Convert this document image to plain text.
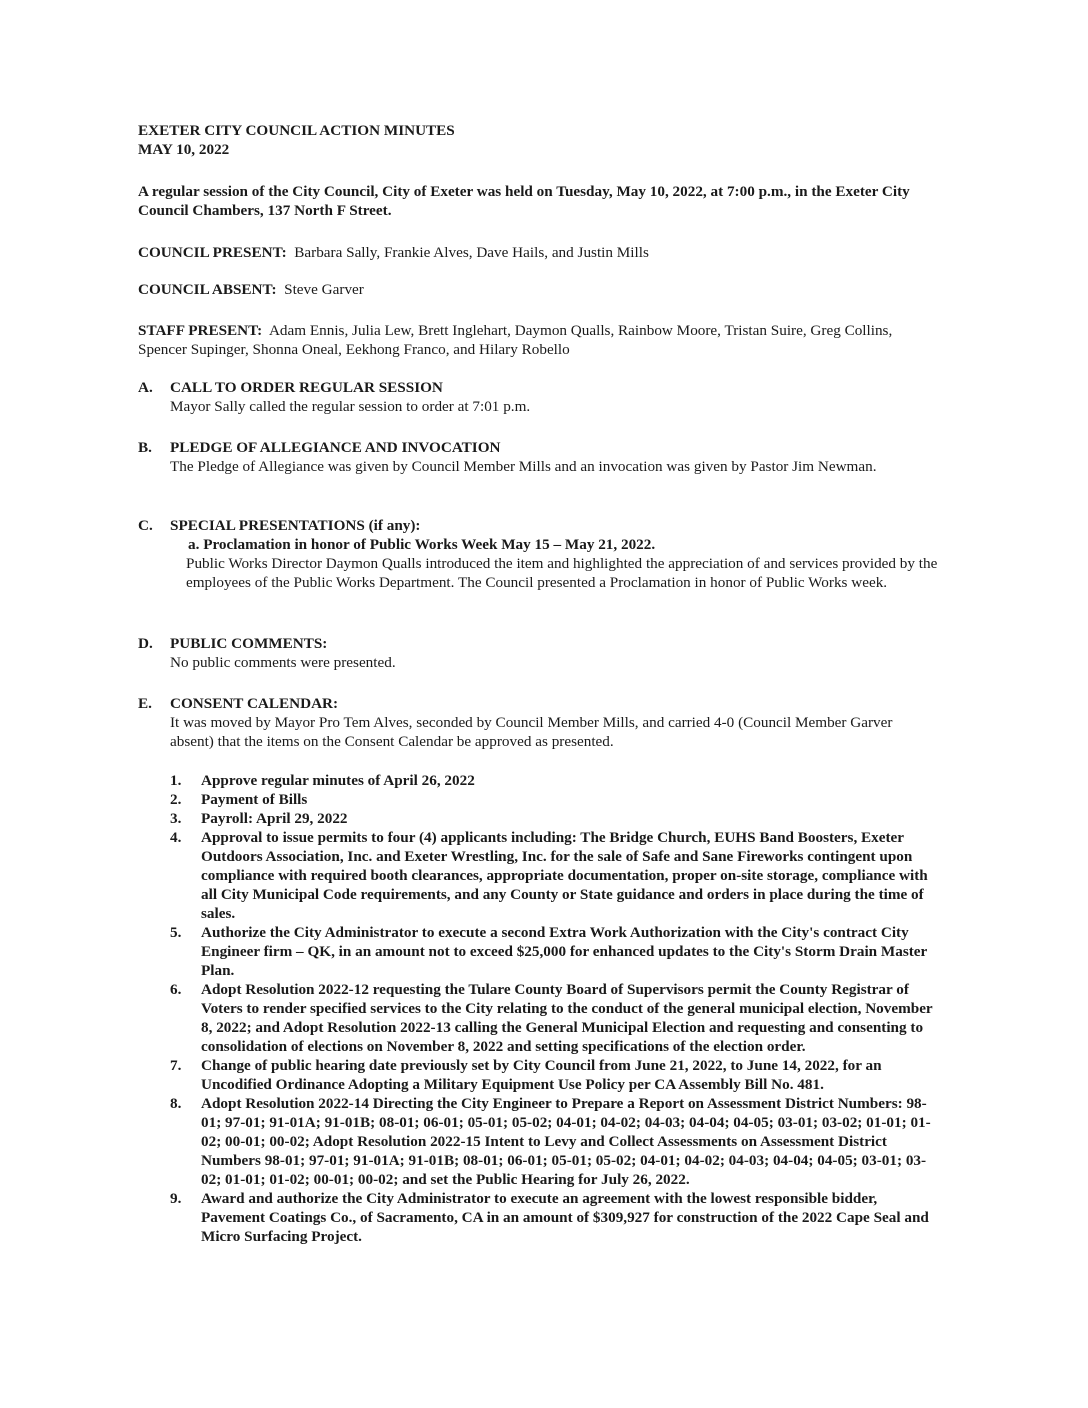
EXETER CITY COUNCIL ACTION MINUTES
MAY 10, 2022
A regular session of the City Council, City of Exeter was held on Tuesday, May 10, 2022, at 7:00 p.m., in the Exeter City Council Chambers, 137 North F Street.
COUNCIL PRESENT: Barbara Sally, Frankie Alves, Dave Hails, and Justin Mills
COUNCIL ABSENT: Steve Garver
STAFF PRESENT: Adam Ennis, Julia Lew, Brett Inglehart, Daymon Qualls, Rainbow Moore, Tristan Suire, Greg Collins, Spencer Supinger, Shonna Oneal, Eekhong Franco, and Hilary Robello
A.	CALL TO ORDER REGULAR SESSION
Mayor Sally called the regular session to order at 7:01 p.m.
B.	PLEDGE OF ALLEGIANCE AND INVOCATION
The Pledge of Allegiance was given by Council Member Mills and an invocation was given by Pastor Jim Newman.
C.	SPECIAL PRESENTATIONS (if any):
a. Proclamation in honor of Public Works Week May 15 – May 21, 2022.
Public Works Director Daymon Qualls introduced the item and highlighted the appreciation of and services provided by the employees of the Public Works Department. The Council presented a Proclamation in honor of Public Works week.
D.	PUBLIC COMMENTS:
No public comments were presented.
E.	CONSENT CALENDAR:
It was moved by Mayor Pro Tem Alves, seconded by Council Member Mills, and carried 4-0 (Council Member Garver absent) that the items on the Consent Calendar be approved as presented.
1.	Approve regular minutes of April 26, 2022
2.	Payment of Bills
3.	Payroll: April 29, 2022
4.	Approval to issue permits to four (4) applicants including: The Bridge Church, EUHS Band Boosters, Exeter Outdoors Association, Inc. and Exeter Wrestling, Inc. for the sale of Safe and Sane Fireworks contingent upon compliance with required booth clearances, appropriate documentation, proper on-site storage, compliance with all City Municipal Code requirements, and any County or State guidance and orders in place during the time of sales.
5.	Authorize the City Administrator to execute a second Extra Work Authorization with the City's contract City Engineer firm – QK, in an amount not to exceed $25,000 for enhanced updates to the City's Storm Drain Master Plan.
6.	Adopt Resolution 2022-12 requesting the Tulare County Board of Supervisors permit the County Registrar of Voters to render specified services to the City relating to the conduct of the general municipal election, November 8, 2022; and Adopt Resolution 2022-13 calling the General Municipal Election and requesting and consenting to consolidation of elections on November 8, 2022 and setting specifications of the election order.
7.	Change of public hearing date previously set by City Council from June 21, 2022, to June 14, 2022, for an Uncodified Ordinance Adopting a Military Equipment Use Policy per CA Assembly Bill No. 481.
8.	Adopt Resolution 2022-14 Directing the City Engineer to Prepare a Report on Assessment District Numbers: 98-01; 97-01; 91-01A; 91-01B; 08-01; 06-01; 05-01; 05-02; 04-01; 04-02; 04-03; 04-04; 04-05; 03-01; 03-02; 01-01; 01-02; 00-01; 00-02; Adopt Resolution 2022-15 Intent to Levy and Collect Assessments on Assessment District Numbers 98-01; 97-01; 91-01A; 91-01B; 08-01; 06-01; 05-01; 05-02; 04-01; 04-02; 04-03; 04-04; 04-05; 03-01; 03-02; 01-01; 01-02; 00-01; 00-02; and set the Public Hearing for July 26, 2022.
9.	Award and authorize the City Administrator to execute an agreement with the lowest responsible bidder, Pavement Coatings Co., of Sacramento, CA in an amount of $309,927 for construction of the 2022 Cape Seal and Micro Surfacing Project.
